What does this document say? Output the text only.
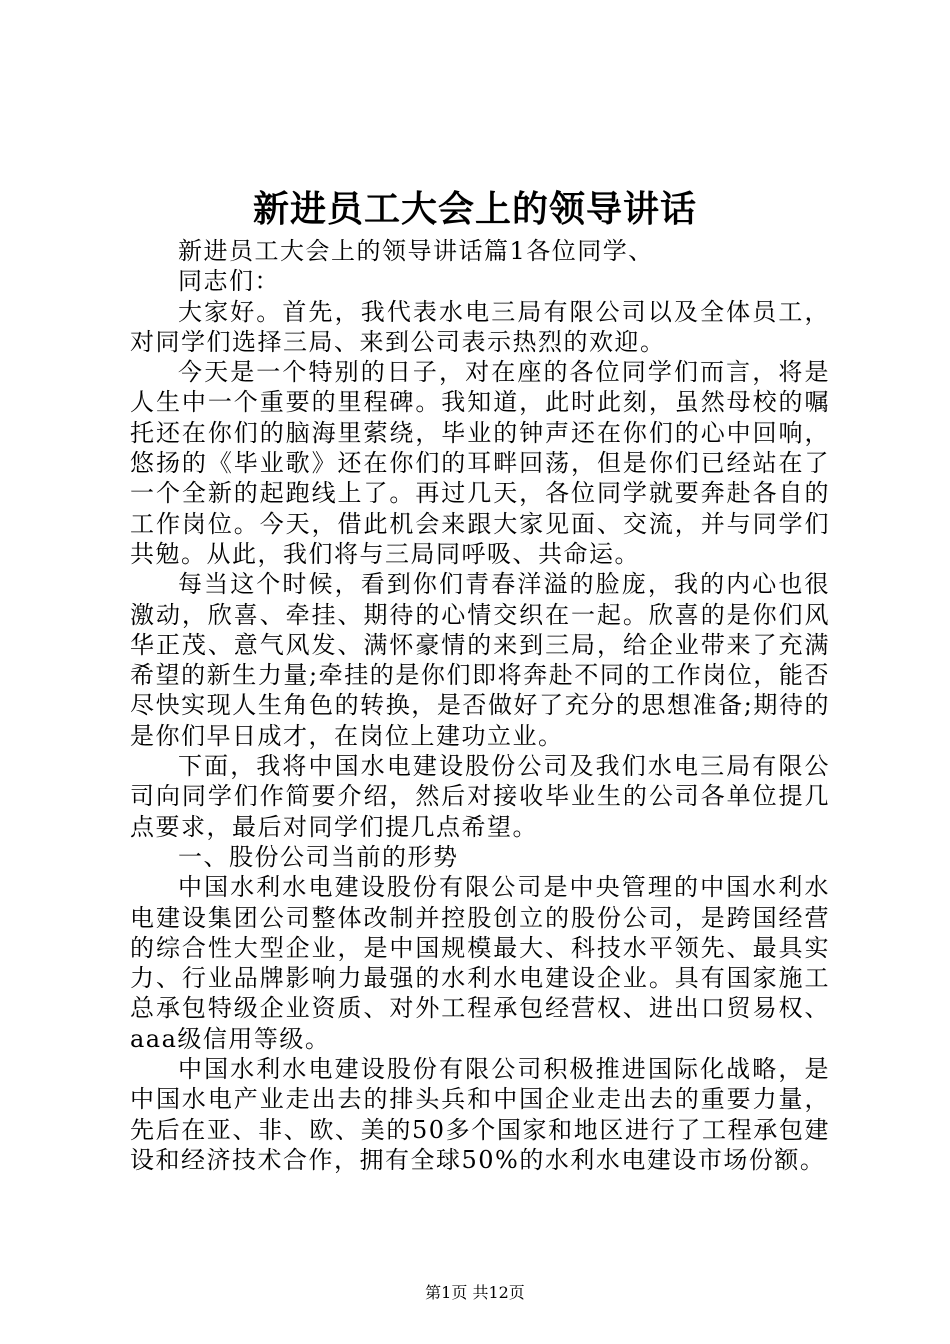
新进员工大会上的领导讲话

新进员工大会上的领导讲话篇1各位同学、

同志们：

大家好。首先，我代表水电三局有限公司以及全体员工，对同学们选择三局、来到公司表示热烈的欢迎。

今天是一个特别的日子，对在座的各位同学们而言，将是人生中一个重要的里程碑。我知道，此时此刻，虽然母校的嘱托还在你们的脑海里萦绕，毕业的钟声还在你们的心中回响，悠扬的《毕业歌》还在你们的耳畔回荡，但是你们已经站在了一个全新的起跑线上了。再过几天，各位同学就要奔赴各自的工作岗位。今天，借此机会来跟大家见面、交流，并与同学们共勉。从此，我们将与三局同呼吸、共命运。

每当这个时候，看到你们青春洋溢的脸庞，我的内心也很激动，欣喜、牵挂、期待的心情交织在一起。欣喜的是你们风华正茂、意气风发、满怀豪情的来到三局，给企业带来了充满希望的新生力量;牵挂的是你们即将奔赴不同的工作岗位，能否尽快实现人生角色的转换，是否做好了充分的思想准备;期待的是你们早日成才，在岗位上建功立业。

下面，我将中国水电建设股份公司及我们水电三局有限公司向同学们作简要介绍，然后对接收毕业生的公司各单位提几点要求，最后对同学们提几点希望。

一、股份公司当前的形势

中国水利水电建设股份有限公司是中央管理的中国水利水电建设集团公司整体改制并控股创立的股份公司，是跨国经营的综合性大型企业，是中国规模最大、科技水平领先、最具实力、行业品牌影响力最强的水利水电建设企业。具有国家施工总承包特级企业资质、对外工程承包经营权、进出口贸易权、aaa级信用等级。

中国水利水电建设股份有限公司积极推进国际化战略，是中国水电产业走出去的排头兵和中国企业走出去的重要力量，先后在亚、非、欧、美的50多个国家和地区进行了工程承包建设和经济技术合作，拥有全球50%的水利水电建设市场份额。

第1页 共12页
